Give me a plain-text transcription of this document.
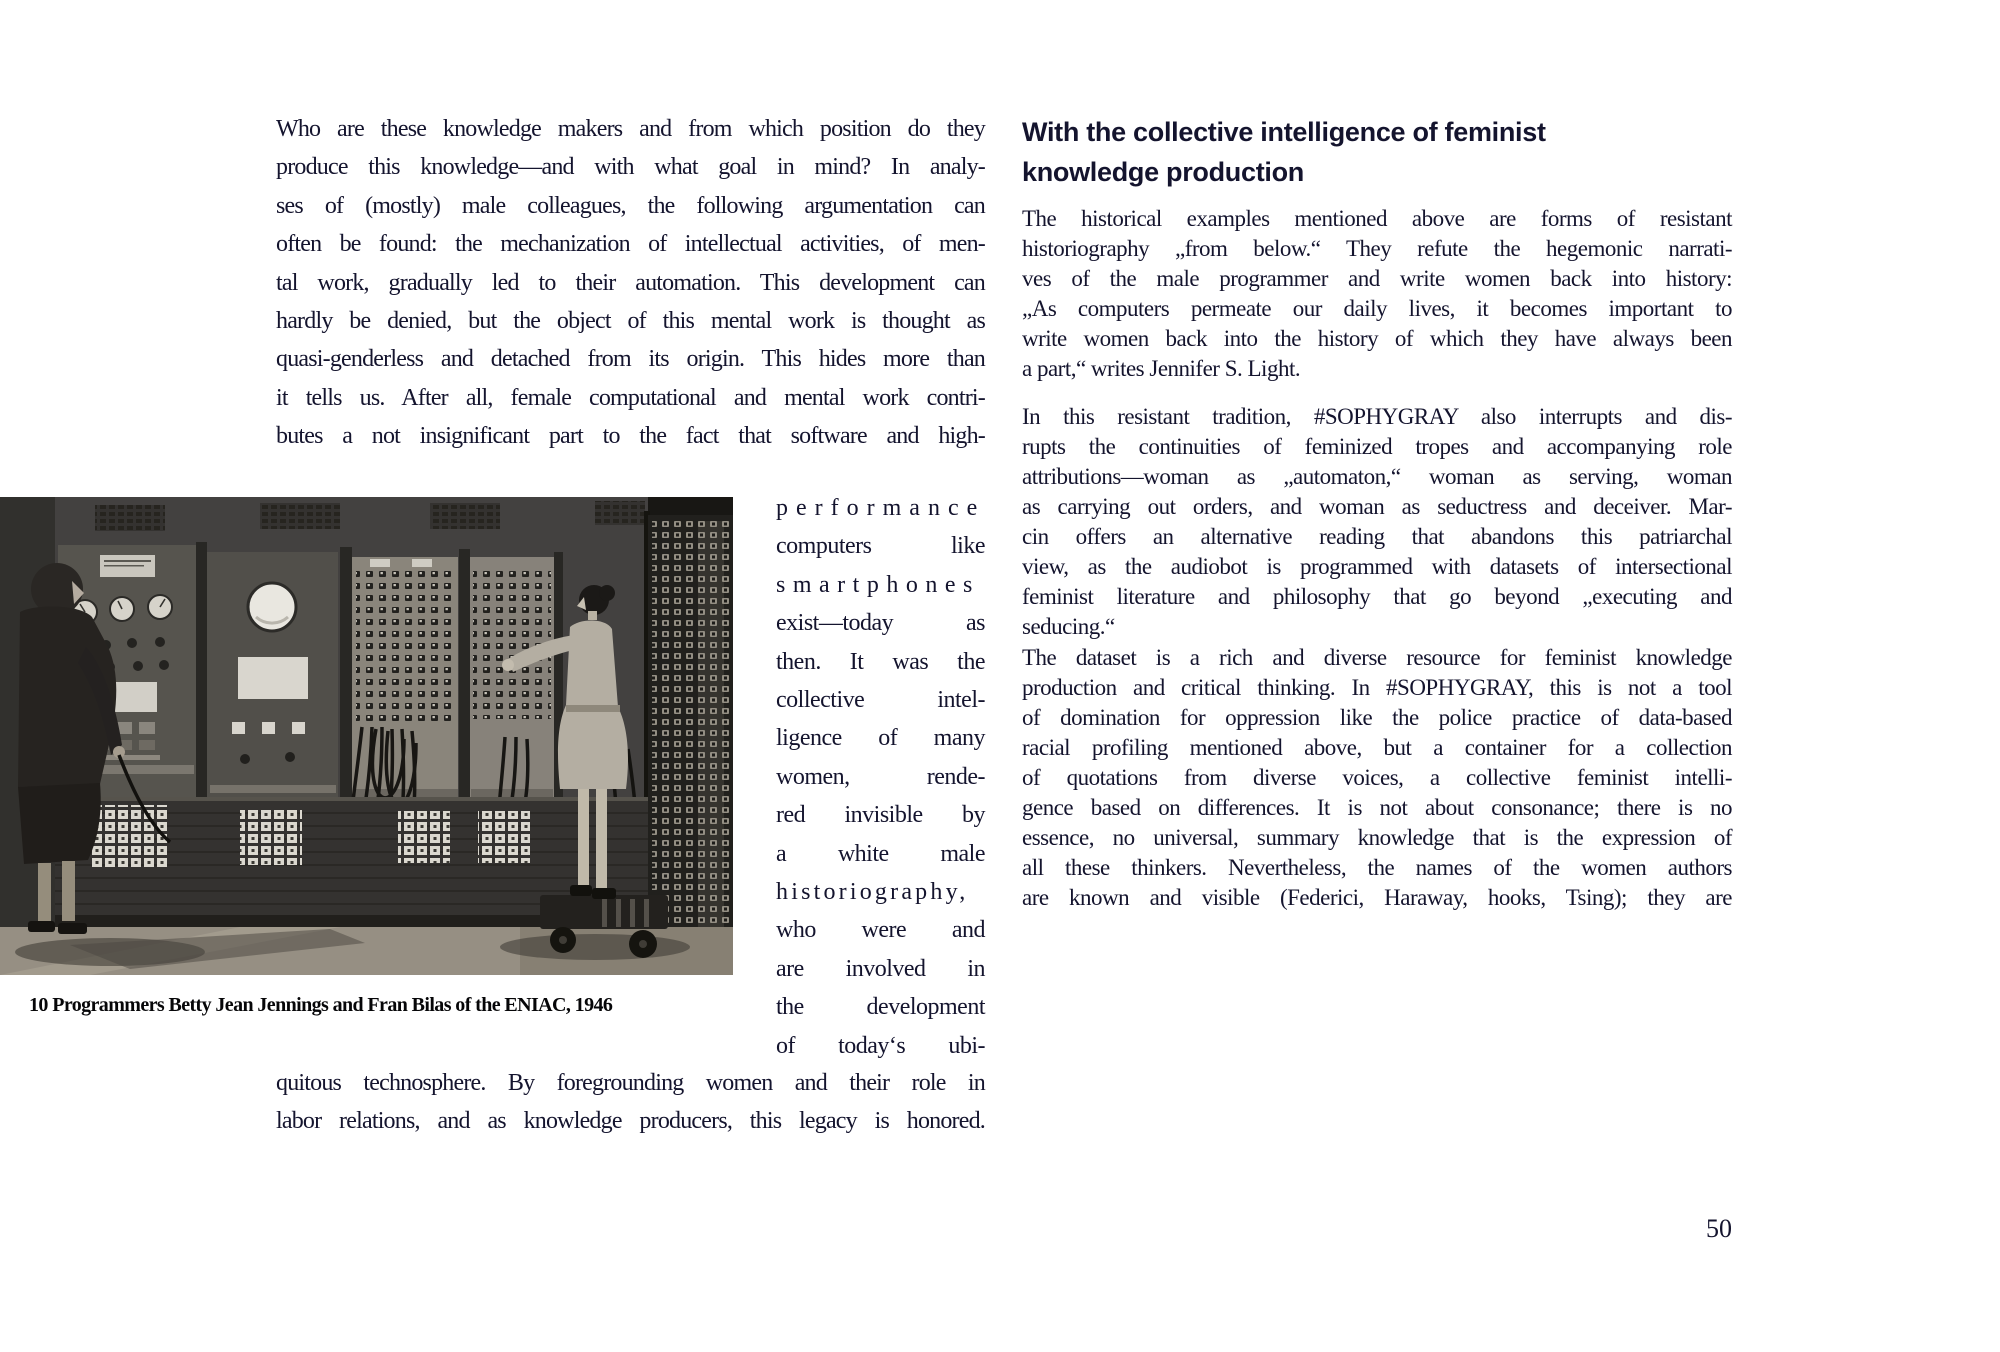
Who are these knowledge makers and from which position do they
produce this knowledge—and with what goal in mind? In analy-
ses of (mostly) male colleagues, the following argumentation can
often be found: the mechanization of intellectual activities, of men-
tal work, gradually led to their automation. This development can
hardly be denied, but the object of this mental work is thought as
quasi-genderless and detached from its origin. This hides more than
it tells us. After all, female computational and mental work contri-
butes a not insignificant part to the fact that software and high-
performance
computers like
smartphones
exist—today as
then. It was the
collective intel-
ligence of many
women, rende-
red invisible by
a white male
historiography,
who were and
are involved in
the development
of today‘s ubi-
10 Programmers Betty Jean Jennings and Fran Bilas of the ENIAC, 1946
quitous technosphere. By foregrounding women and their role in
labor relations, and as knowledge producers, this legacy is honored.
With the collective intelligence of feminist
knowledge production
The historical examples mentioned above are forms of resistant
historiography „from below.“ They refute the hegemonic narrati-
ves of the male programmer and write women back into history:
„As computers permeate our daily lives, it becomes important to
write women back into the history of which they have always been
a part,“ writes Jennifer S. Light.
In this resistant tradition, #SOPHYGRAY also interrupts and dis-
rupts the continuities of feminized tropes and accompanying role
attributions—woman as „automaton,“ woman as serving, woman
as carrying out orders, and woman as seductress and deceiver. Mar-
cin offers an alternative reading that abandons this patriarchal
view, as the audiobot is programmed with datasets of intersectional
feminist literature and philosophy that go beyond „executing and
seducing.“
The dataset is a rich and diverse resource for feminist knowledge
production and critical thinking. In #SOPHYGRAY, this is not a tool
of domination for oppression like the police practice of data-based
racial profiling mentioned above, but a container for a collection
of quotations from diverse voices, a collective feminist intelli-
gence based on differences. It is not about consonance; there is no
essence, no universal, summary knowledge that is the expression of
all these thinkers. Nevertheless, the names of the women authors
are known and visible (Federici, Haraway, hooks, Tsing); they are
50
